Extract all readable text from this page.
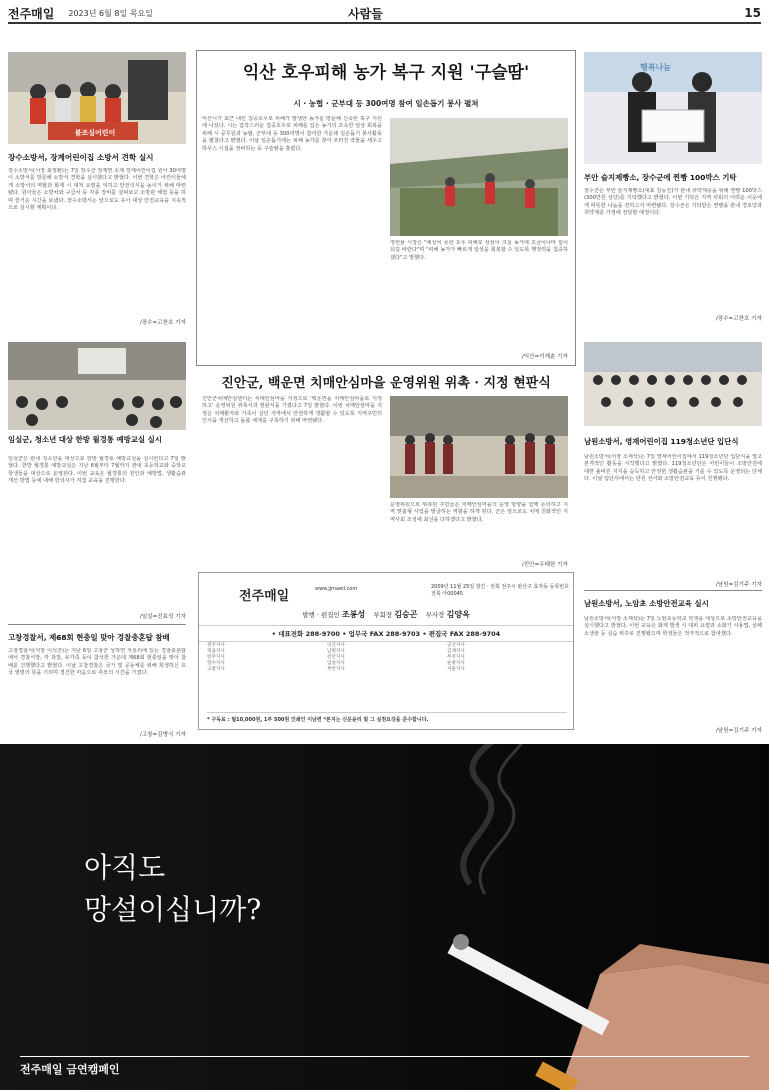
전주매일 2023년 6월 8일 목요일	사람들	15
불조심어린이
장수소방서, 장계어린이집 소방서 견학 실시
장수소방서(서장 최정환)는 7일 장수군 장계면 소재 장계어린이집 원아 30여명이 소방서를 방문해 소방서 견학을 실시했다고 밝혔다. 이번 견학은 어린이들에게 소방서의 역할과 화재 시 대처 요령을 익히고 안전의식을 높이기 위해 마련됐다. 원아들은 소방차와 구급차 등 각종 장비를 살펴보고 소방관 체험 등을 하며 즐거운 시간을 보냈다. 장수소방서는 앞으로도 유아 대상 안전교육을 지속적으로 실시할 계획이다.
/장수=고찬호 기자
임실군, 청소년 대상 한방 월경통 예방교실 실시
임실군은 관내 청소년을 대상으로 한방 월경통 예방교실을 실시한다고 7일 밝혔다. 한방 월경통 예방교실은 지난 6월부터 7월까지 관내 초등학교와 중학교 학생들을 대상으로 운영된다. 이번 교육은 월경통의 원인과 예방법, 생활습관 개선 방법 등에 대해 한의사가 직접 교육을 진행한다.
/임실=진효성 기자
고창경찰서, 제68회 현충일 맞아 경찰충혼탑 참배
고창경찰서(서장 이석찬)는 지난 6일 고창군 상하면 자룡리에 있는 경찰충혼탑에서 경찰서장, 각 과장, 유가족 등이 참석한 가운데 제68회 현충일을 맞아 참배를 진행했다고 밝혔다. 이날 고창경찰은 국가 및 공동체를 위해 희생하신 호국 영령의 뜻을 기리며 경건한 마음으로 추모의 시간을 가졌다.
/고창=김병식 기자
익산 호우피해 농가 복구 지원 '구슬땀'
시 · 농협 · 군부대 등 300여명 참여 일손돕기 봉사 펼쳐
익산시가 최근 내린 집중호우로 피해가 발생한 농가를 방문해 신속한 복구 지원에 나섰다. 시는 갑작스러운 집중호우로 피해를 입은 농가의 조속한 일상 회복을 위해 시 공무원과 농협, 군부대 등 300여명이 참여한 가운데 일손돕기 봉사활동을 펼쳤다고 밝혔다. 이날 일손돕기에는 피해 농가를 찾아 쓰러진 작물을 세우고 하우스 시설을 정비하는 등 구슬땀을 흘렸다.
정헌율 시장은 "예상치 못한 호우 피해로 상심이 크실 농가에 조금이나마 힘이 되길 바란다"며 "피해 농가가 빠르게 일상을 회복할 수 있도록 행정력을 집중하겠다"고 말했다.
/익산=이재춘 기자
진안군, 백운면 치매안심마을 운영위원 위촉 · 지정 현판식
진안군치매안심센터는 치매안심마을 지정으로 '백운면을 치매안심마을로 지정하고' 운영위원 위촉식과 현판식을 가졌다고 7일 밝혔다. 이번 치매안심마을 지정은 치매환자와 가족이 살던 지역에서 안전하게 생활할 수 있도록 지역주민의 인식을 개선하고 돌봄 체계를 구축하기 위해 마련됐다.
운영위원으로 위촉된 주민들은 치매안심마을의 운영 방향을 함께 논의하고 지역 맞춤형 사업을 발굴하는 역할을 하게 된다. 군은 앞으로도 치매 친화적인 지역사회 조성에 최선을 다하겠다고 밝혔다.
/진안=우태한 기자
전주매일	www.jjmaeil.com	2009년 11월 25일 창간 · 전북 전주시 완산구 효자동 등록번호 전북 아00045
발행 · 편집인 조봉성 부회장 김승곤 부사장 김양옥
• 대표전화 288-9700 • 업무국 FAX 288-9703 • 편집국 FAX 288-9704
전주지사	익산지사	군산지사
정읍지사	남원지사	김제지사
완주지사	진안지사	무주지사
장수지사	임실지사	순창지사
고창지사	부안지사	서울지사
* 구독료 : 월10,000원, 1부 500원 인쇄인 이남련 *본지는 신문윤리 및 그 실천요강을 준수합니다.
행복나눔
부안 슬지제빵소, 장수군에 찐빵 100박스 기탁
장수군은 부안 슬지제빵소(대표 김동진)가 관내 취약계층을 위해 찐빵 100박스(300만원 상당)를 기탁했다고 밝혔다. 이번 기탁은 지역 사회의 어려운 이웃에게 따뜻한 나눔을 전하고자 마련됐다. 장수군은 기탁받은 찐빵을 관내 경로당과 취약계층 가정에 전달할 예정이다.
/장수=고찬호 기자
남원소방서, 영재어린이집 119청소년단 입단식
남원소방서(서장 소재석)는 7일 영재어린이집에서 119청소년단 입단식을 열고 본격적인 활동을 시작했다고 밝혔다. 119청소년단은 어린이들이 소방안전에 대한 올바른 지식을 습득하고 안전한 생활습관을 기를 수 있도록 운영되는 단체다. 이날 입단식에서는 단원 선서와 소방안전교육 등이 진행됐다.
/남원=김기주 기자
남원소방서, 노암초 소방안전교육 실시
남원소방서(서장 소재석)는 7일 노암초등학교 학생을 대상으로 소방안전교육을 실시했다고 밝혔다. 이번 교육은 화재 발생 시 대피 요령과 소화기 사용법, 심폐소생술 등 실습 위주로 진행됐으며 학생들은 적극적으로 참여했다.
/남원=김기주 기자
아직도
망설이십니까?
전주매일 금연캠페인
